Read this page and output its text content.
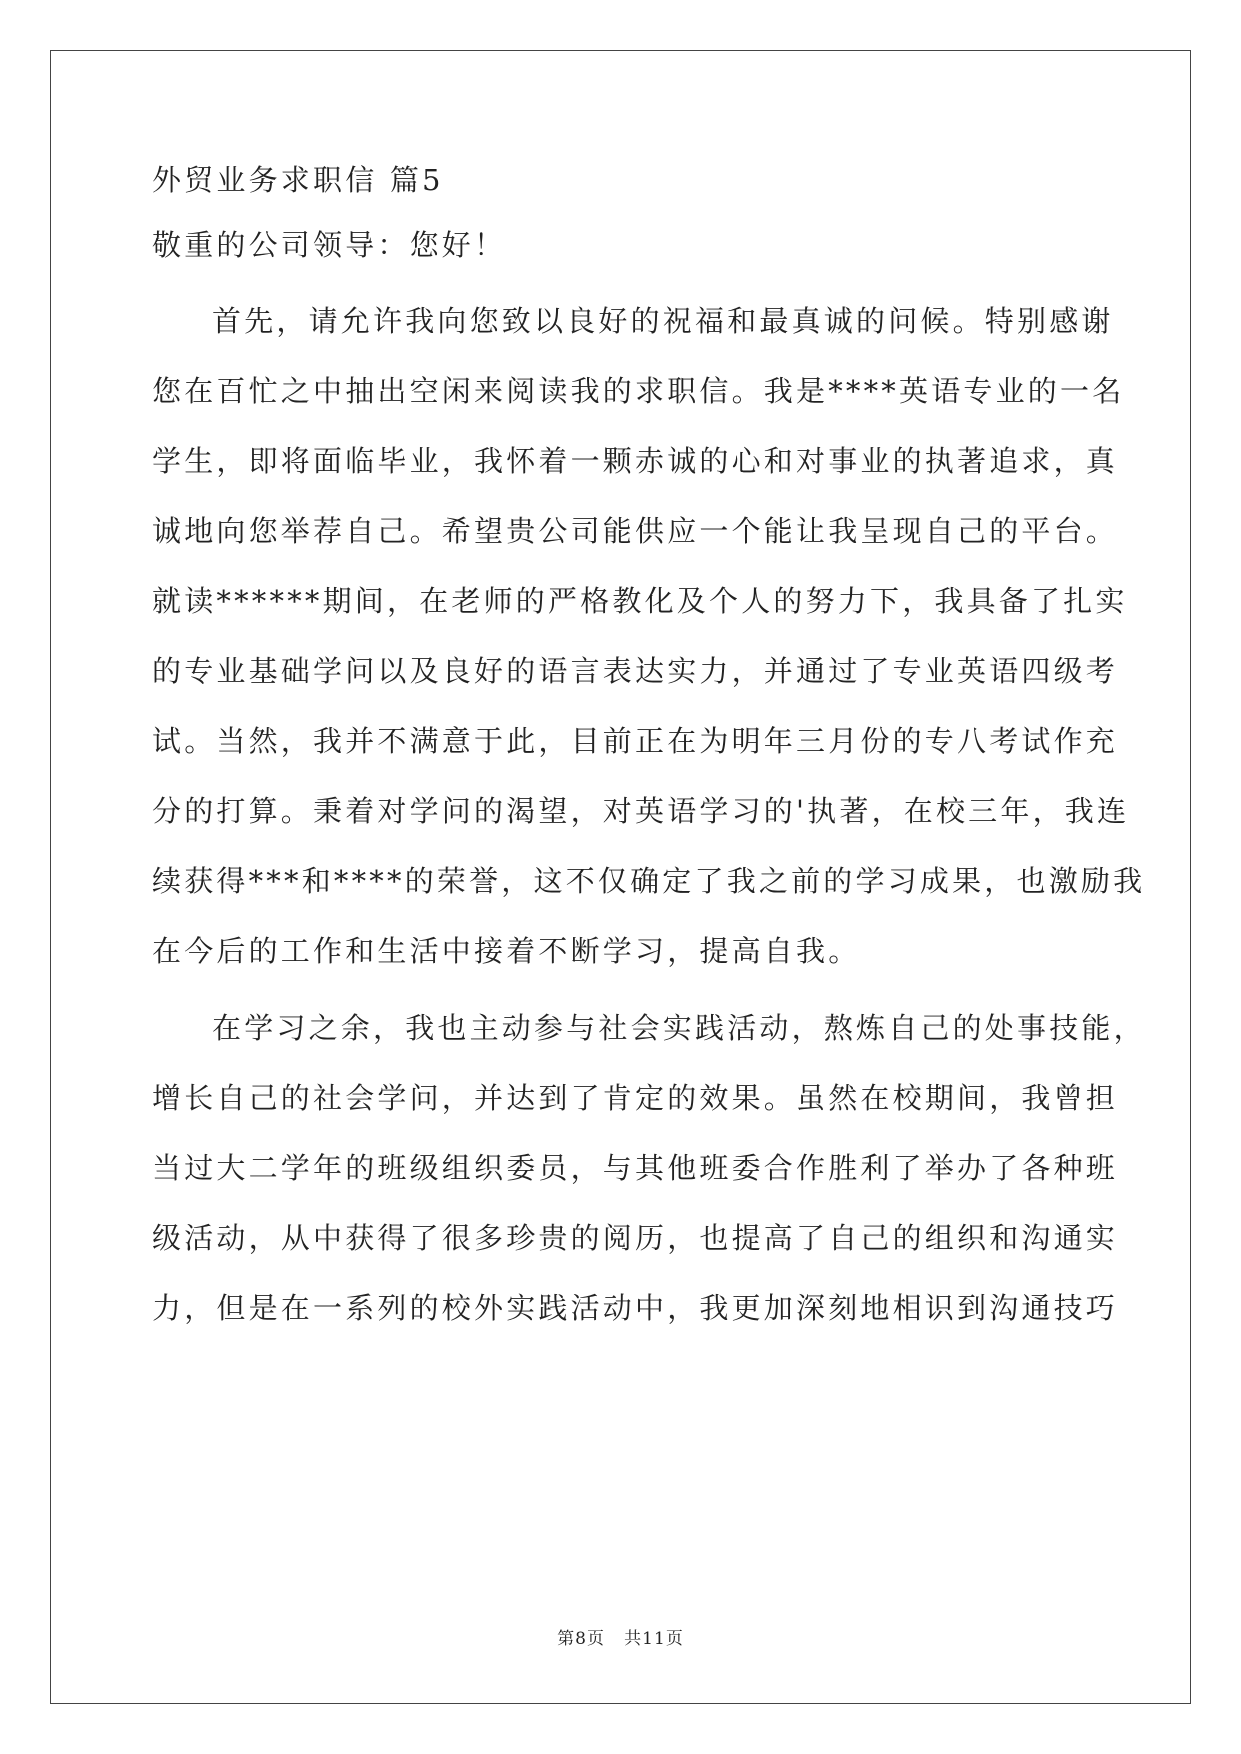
外贸业务求职信 篇5
敬重的公司领导：您好！
首先，请允许我向您致以良好的祝福和最真诚的问候。特别感谢
您在百忙之中抽出空闲来阅读我的求职信。我是****英语专业的一名
学生，即将面临毕业，我怀着一颗赤诚的心和对事业的执著追求，真
诚地向您举荐自己。希望贵公司能供应一个能让我呈现自己的平台。
就读******期间，在老师的严格教化及个人的努力下，我具备了扎实
的专业基础学问以及良好的语言表达实力，并通过了专业英语四级考
试。当然，我并不满意于此，目前正在为明年三月份的专八考试作充
分的打算。秉着对学问的渴望，对英语学习的'执著，在校三年，我连
续获得***和****的荣誉，这不仅确定了我之前的学习成果，也激励我
在今后的工作和生活中接着不断学习，提高自我。
在学习之余，我也主动参与社会实践活动，熬炼自己的处事技能，
增长自己的社会学问，并达到了肯定的效果。虽然在校期间，我曾担
当过大二学年的班级组织委员，与其他班委合作胜利了举办了各种班
级活动，从中获得了很多珍贵的阅历，也提高了自己的组织和沟通实
力，但是在一系列的校外实践活动中，我更加深刻地相识到沟通技巧
第8页   共11页
